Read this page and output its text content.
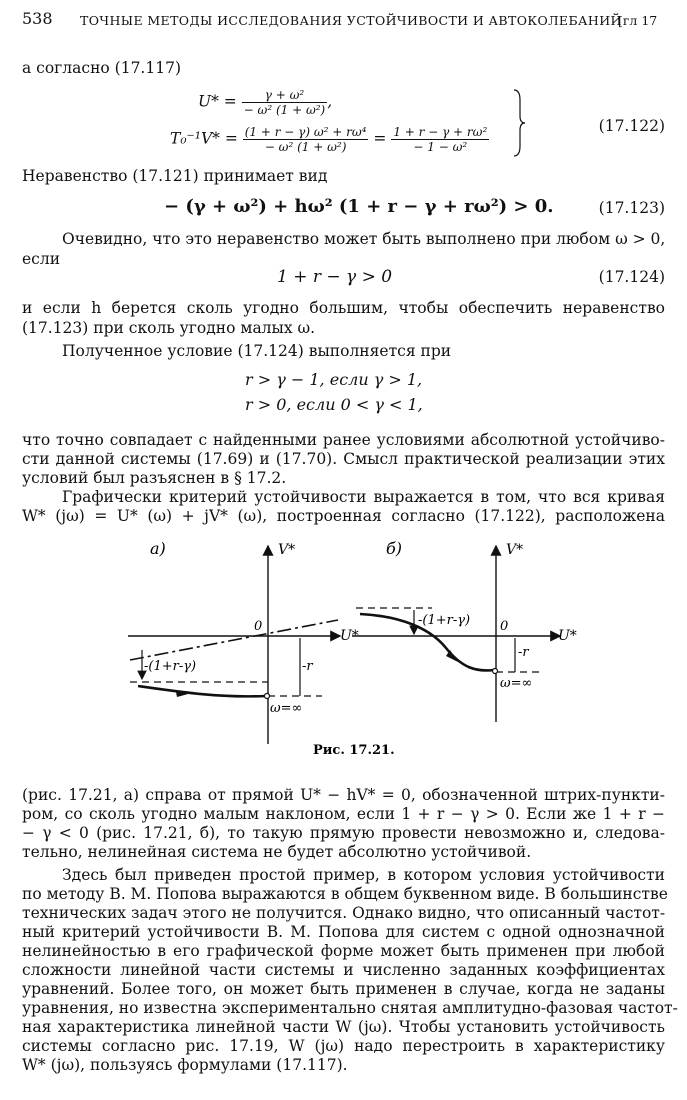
538 ТОЧНЫЕ МЕТОДЫ ИССЛЕДОВАНИЯ УСТОЙЧИВОСТИ И АВТОКОЛЕБАНИЙ
[гл 17
а согласно (17.117)
$U* = \frac{\text{γ + ω²}}{\text{− ω² (1 + ω²)}}$ ,
$T_0^{-1}V* = \frac{\text{(1 + r − γ) ω² + rω⁴}}{\text{− ω² (1 + ω²)}} = \frac{\text{1 + r − γ + rω²}}{\text{− 1 − ω²}}$	(17.122)
Неравенство (17.121) принимает вид
− (γ + ω²) + hω² (1 + r − γ + rω²) > 0.	(17.123)
Очевидно, что это неравенство может быть выполнено при любом ω > 0,
если
1 + r − γ > 0	(17.124)
и если h берется сколь угодно большим, чтобы обеспечить неравенство
(17.123) при сколь угодно малых ω.
Полученное условие (17.124) выполняется при
r > γ − 1, если γ > 1,
r > 0, если 0 < γ < 1,
что точно совпадает с найденными ранее условиями абсолютной устойчиво-
сти данной системы (17.69) и (17.70). Смысл практической реализации этих
условий был разъяснен в § 17.2.
Графически критерий устойчивости выражается в том, что вся кривая
W* (jω) = U* (ω) + jV* (ω), построенная согласно (17.122), расположена
а)	V*
U*
0
-(1+r-γ)	-r
ω=∞
б)	V*
U*
0
-(1+r-γ)
-r
ω=∞
Рис. 17.21.
(рис. 17.21, а) справа от прямой U* − hV* = 0, обозначенной штрих-пункти-
ром, со сколь угодно малым наклоном, если 1 + r − γ > 0. Если же 1 + r −
− γ < 0 (рис. 17.21, б), то такую прямую провести невозможно и, следова-
тельно, нелинейная система не будет абсолютно устойчивой.
Здесь был приведен простой пример, в котором условия устойчивости
по методу В. М. Попова выражаются в общем буквенном виде. В большинстве
технических задач этого не получится. Однако видно, что описанный частот-
ный критерий устойчивости В. М. Попова для систем с одной однозначной
нелинейностью в его графической форме может быть применен при любой
сложности линейной части системы и численно заданных коэффициентах
уравнений. Более того, он может быть применен в случае, когда не заданы
уравнения, но известна экспериментально снятая амплитудно-фазовая частот-
ная характеристика линейной части W (jω). Чтобы установить устойчивость
системы согласно рис. 17.19, W (jω) надо перестроить в характеристику
W* (jω), пользуясь формулами (17.117).
